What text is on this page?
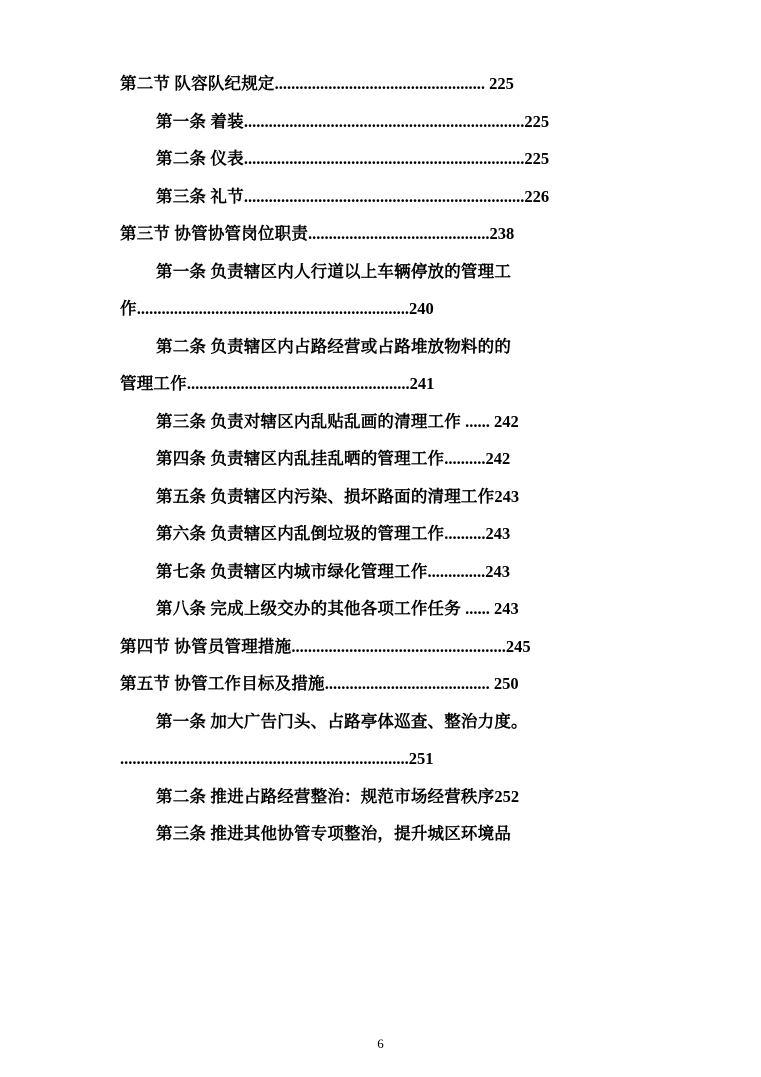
第二节 队容队纪规定................................................... 225
第一条 着装....................................................................225
第二条 仪表....................................................................225
第三条 礼节....................................................................226
第三节 协管协管岗位职责............................................238
第一条 负责辖区内人行道以上车辆停放的管理工
作..................................................................240
第二条 负责辖区内占路经营或占路堆放物料的的
管理工作......................................................241
第三条 负责对辖区内乱贴乱画的清理工作 ...... 242
第四条 负责辖区内乱挂乱晒的管理工作..........242
第五条 负责辖区内污染、损坏路面的清理工作243
第六条 负责辖区内乱倒垃圾的管理工作..........243
第七条 负责辖区内城市绿化管理工作..............243
第八条 完成上级交办的其他各项工作任务 ...... 243
第四节 协管员管理措施....................................................245
第五节 协管工作目标及措施........................................ 250
第一条 加大广告门头、占路亭体巡查、整治力度。
......................................................................251
第二条 推进占路经营整治：规范市场经营秩序252
第三条 推进其他协管专项整治，提升城区环境品
6
